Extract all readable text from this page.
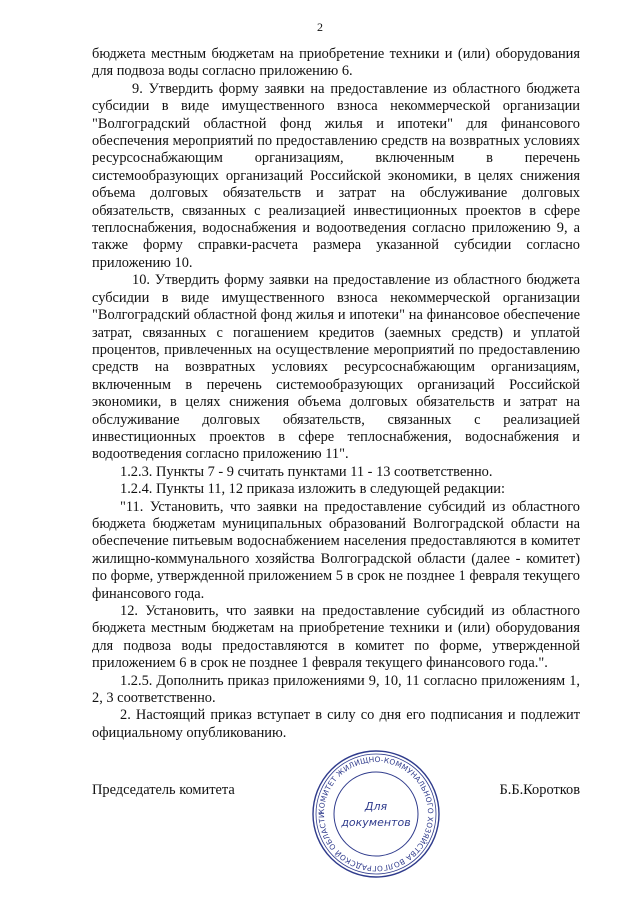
2

бюджета местным бюджетам на приобретение техники и (или) оборудования для подвоза воды согласно приложению 6.

9. Утвердить форму заявки на предоставление из областного бюджета субсидии в виде имущественного взноса некоммерческой организации "Волгоградский областной фонд жилья и ипотеки" для финансового обеспечения мероприятий по предоставлению средств на возвратных условиях ресурсоснабжающим организациям, включенным в перечень системообразующих организаций Российской экономики, в целях снижения объема долговых обязательств и затрат на обслуживание долговых обязательств, связанных с реализацией инвестиционных проектов в сфере теплоснабжения, водоснабжения и водоотведения согласно приложению 9, а также форму справки-расчета размера указанной субсидии согласно приложению 10.

10. Утвердить форму заявки на предоставление из областного бюджета субсидии в виде имущественного взноса некоммерческой организации "Волгоградский областной фонд жилья и ипотеки" на финансовое обеспечение затрат, связанных с погашением кредитов (заемных средств) и уплатой процентов, привлеченных на осуществление мероприятий по предоставлению средств на возвратных условиях ресурсоснабжающим организациям, включенным в перечень системообразующих организаций Российской экономики, в целях снижения объема долговых обязательств и затрат на обслуживание долговых обязательств, связанных с реализацией инвестиционных проектов в сфере теплоснабжения, водоснабжения и водоотведения согласно приложению 11".

1.2.3. Пункты 7 - 9 считать пунктами 11 - 13 соответственно.

1.2.4. Пункты 11, 12 приказа изложить в следующей редакции:

"11. Установить, что заявки на предоставление субсидий из областного бюджета бюджетам муниципальных образований Волгоградской области на обеспечение питьевым водоснабжением населения предоставляются в комитет жилищно-коммунального хозяйства Волгоградской области (далее - комитет) по форме, утвержденной приложением 5 в срок не позднее 1 февраля текущего финансового года.

12. Установить, что заявки на предоставление субсидий из областного бюджета местным бюджетам на приобретение техники и (или) оборудования для подвоза воды предоставляются в комитет по форме, утвержденной приложением 6 в срок не позднее 1 февраля текущего финансового года.".

1.2.5. Дополнить приказ приложениями 9, 10, 11 согласно приложениям 1, 2, 3 соответственно.

2. Настоящий приказ вступает в силу со дня его подписания и подлежит официальному опубликованию.

Председатель комитета	Б.Б.Коротков
КОМИТЕТ ЖИЛИЩНО-КОММУНАЛЬНОГО ХОЗЯЙСТВА ВОЛГОГРАДСКОЙ ОБЛАСТИ
Для
документов
